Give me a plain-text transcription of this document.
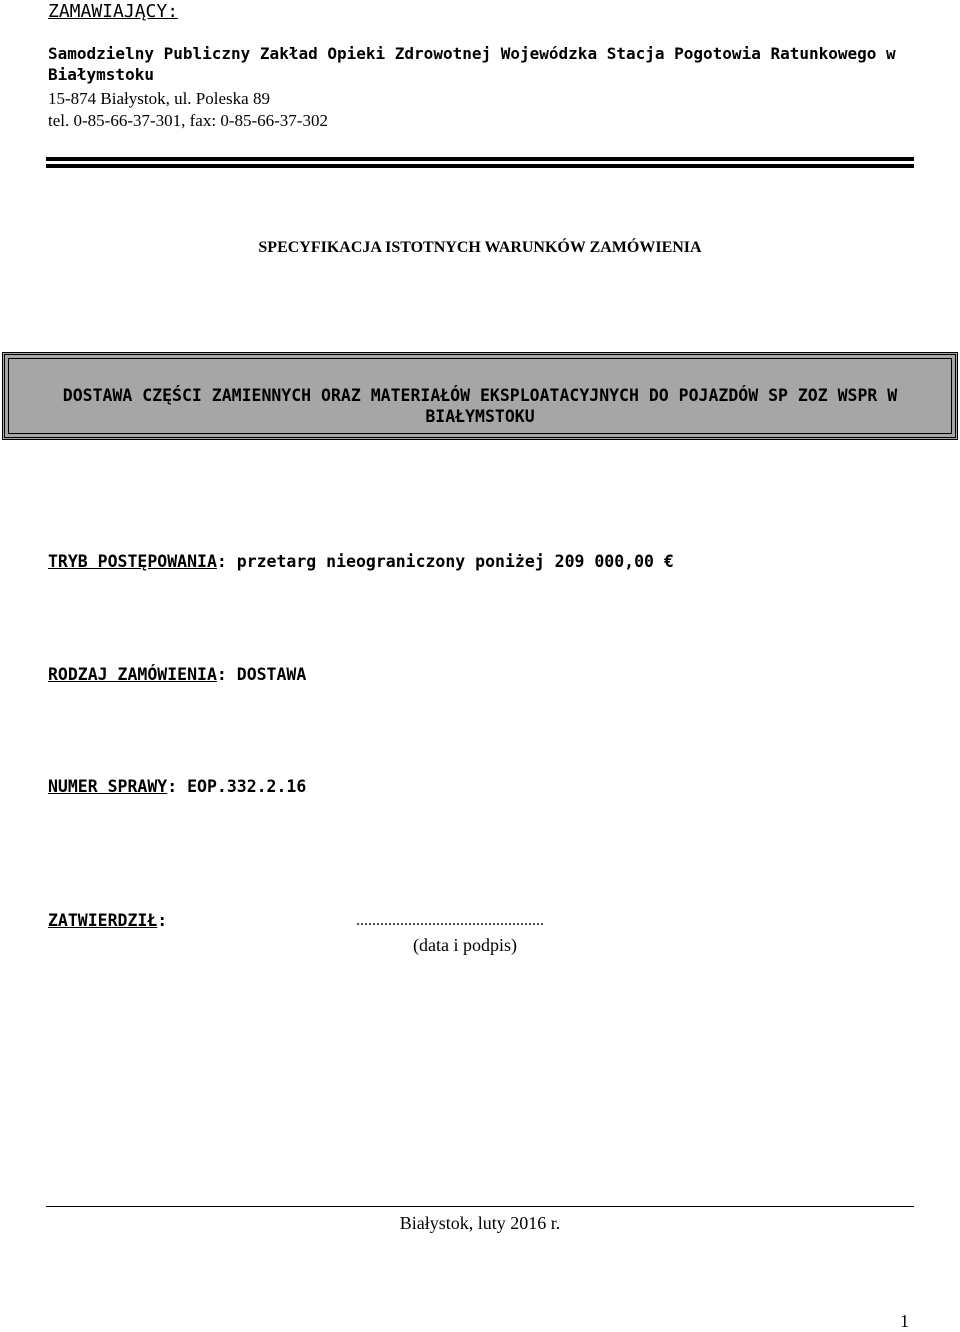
ZAMAWIAJĄCY:
Samodzielny Publiczny Zakład Opieki Zdrowotnej Wojewódzka Stacja Pogotowia Ratunkowego w Białymstoku
15-874 Białystok, ul. Poleska 89
tel. 0-85-66-37-301, fax: 0-85-66-37-302
SPECYFIKACJA ISTOTNYCH WARUNKÓW ZAMÓWIENIA
DOSTAWA CZĘŚCI ZAMIENNYCH ORAZ MATERIAŁÓW EKSPLOATACYJNYCH DO POJAZDÓW SP ZOZ WSPR W BIAŁYMSTOKU
TRYB POSTĘPOWANIA: przetarg nieograniczony poniżej 209 000,00 €
RODZAJ ZAMÓWIENIA: DOSTAWA
NUMER SPRAWY: EOP.332.2.16
ZATWIERDZIŁ:	...............................................
(data i podpis)
Białystok, luty 2016 r.
1
